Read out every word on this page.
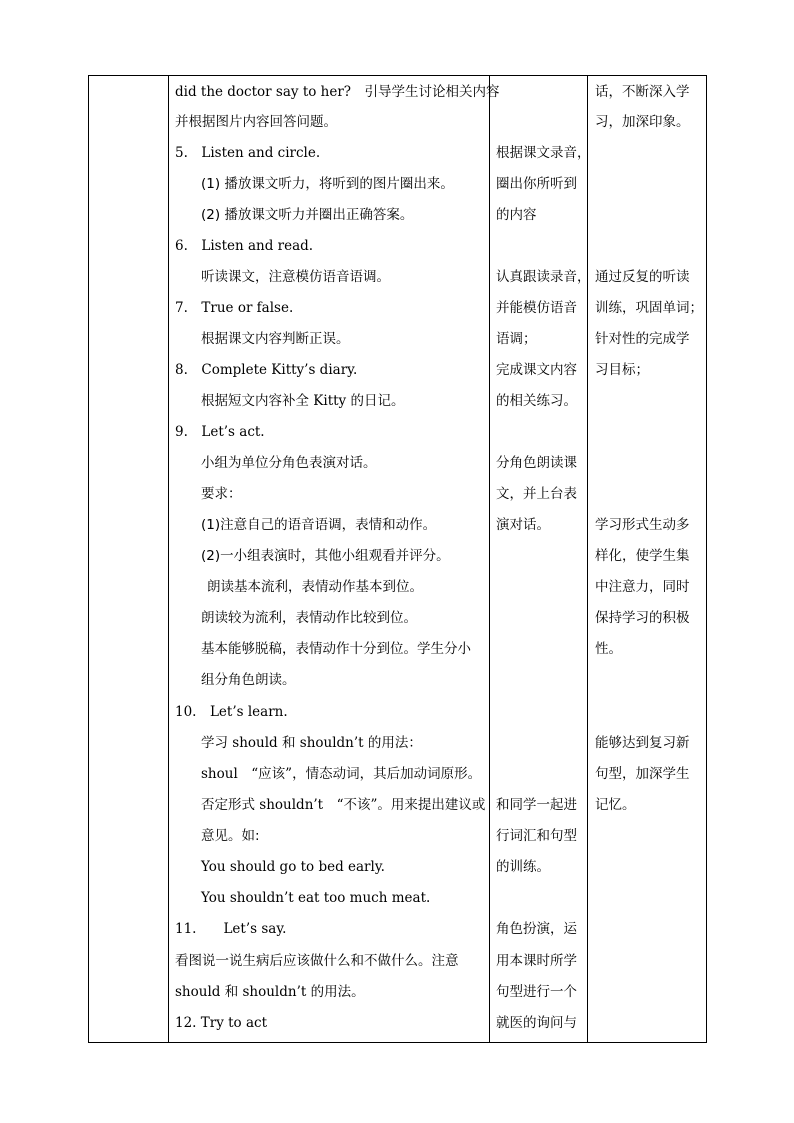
did the doctor say to her?　引导学生讨论相关内容
并根据图片内容回答问题。
5.　Listen and circle.
(1) 播放课文听力，将听到的图片圈出来。
(2) 播放课文听力并圈出正确答案。
6.　Listen and read.
听读课文，注意模仿语音语调。
7.　True or false.
根据课文内容判断正误。
8.　Complete Kitty’s diary.
根据短文内容补全 Kitty 的日记。
9.　Let’s act.
小组为单位分角色表演对话。
要求：
(1)注意自己的语音语调，表情和动作。
(2)一小组表演时，其他小组观看并评分。
朗读基本流利，表情动作基本到位。
朗读较为流利，表情动作比较到位。
基本能够脱稿，表情动作十分到位。学生分小
组分角色朗读。
10.　Let’s learn.
学习 should 和 shouldn’t 的用法：
shoul　“应该”，情态动词，其后加动词原形。
否定形式 shouldn’t　“不该”。用来提出建议或
意见。如:
You should go to bed early.
You shouldn’t eat too much meat.
11.　　Let’s say.
看图说一说生病后应该做什么和不做什么。注意
should 和 shouldn’t 的用法。
12. Try to act
根据课文录音，
圈出你所听到
的内容
认真跟读录音，
并能模仿语音
语调；
完成课文内容
的相关练习。
分角色朗读课
文，并上台表
演对话。
和同学一起进
行词汇和句型
的训练。
角色扮演，运
用本课时所学
句型进行一个
就医的询问与
话，不断深入学
习，加深印象。
通过反复的听读
训练，巩固单词；
针对性的完成学
习目标；
学习形式生动多
样化，使学生集
中注意力，同时
保持学习的积极
性。
能够达到复习新
句型，加深学生
记忆。
